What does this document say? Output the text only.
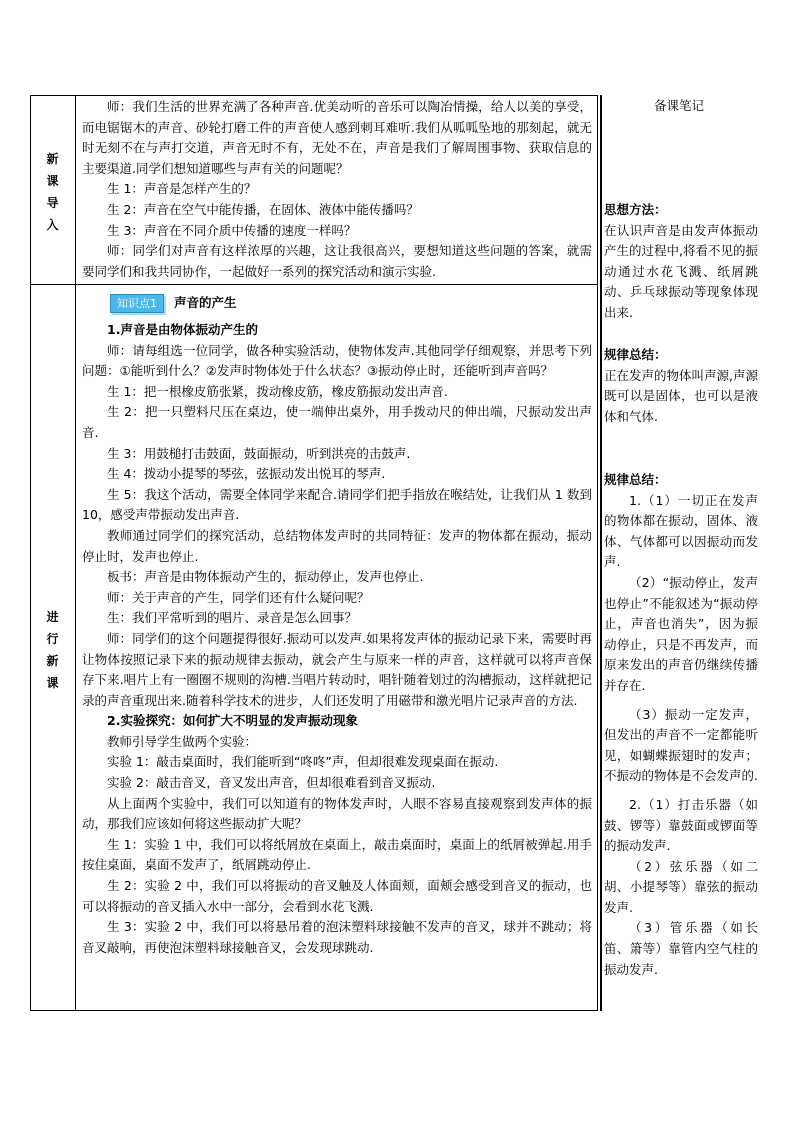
新
课
导
入
进
行
新
课

师：我们生活的世界充满了各种声音.优美动听的音乐可以陶冶情操，给人以美的享受，而电锯锯木的声音、砂轮打磨工件的声音使人感到刺耳难听.我们从呱呱坠地的那刻起，就无时无刻不在与声打交道，声音无时不有，无处不在，声音是我们了解周围事物、获取信息的主要渠道.同学们想知道哪些与声有关的问题呢？

生 1：声音是怎样产生的？

生 2：声音在空气中能传播，在固体、液体中能传播吗？

生 3：声音在不同介质中传播的速度一样吗？

师：同学们对声音有这样浓厚的兴趣，这让我很高兴，要想知道这些问题的答案，就需要同学们和我共同协作，一起做好一系列的探究活动和演示实验.

知识点1	声音的产生

1.声音是由物体振动产生的

师：请每组选一位同学，做各种实验活动，使物体发声.其他同学仔细观察，并思考下列问题：①能听到什么？②发声时物体处于什么状态？③振动停止时，还能听到声音吗？

生 1：把一根橡皮筋张紧，拨动橡皮筋，橡皮筋振动发出声音.

生 2：把一只塑料尺压在桌边，使一端伸出桌外，用手拨动尺的伸出端，尺振动发出声音.

生 3：用鼓槌打击鼓面，鼓面振动，听到洪亮的击鼓声.

生 4：拨动小提琴的琴弦，弦振动发出悦耳的琴声.

生 5：我这个活动，需要全体同学来配合.请同学们把手指放在喉结处，让我们从 1 数到 10，感受声带振动发出声音.

教师通过同学们的探究活动，总结物体发声时的共同特征：发声的物体都在振动，振动停止时，发声也停止.

板书：声音是由物体振动产生的，振动停止，发声也停止.

师：关于声音的产生，同学们还有什么疑问呢？

生：我们平常听到的唱片、录音是怎么回事？

师：同学们的这个问题提得很好.振动可以发声.如果将发声体的振动记录下来，需要时再让物体按照记录下来的振动规律去振动，就会产生与原来一样的声音，这样就可以将声音保存下来.唱片上有一圈圈不规则的沟槽.当唱片转动时，唱针随着划过的沟槽振动，这样就把记录的声音重现出来.随着科学技术的进步，人们还发明了用磁带和激光唱片记录声音的方法.

2.实验探究：如何扩大不明显的发声振动现象

教师引导学生做两个实验：

实验 1：敲击桌面时，我们能听到“咚咚”声，但却很难发现桌面在振动.

实验 2：敲击音叉，音叉发出声音，但却很难看到音叉振动.

从上面两个实验中，我们可以知道有的物体发声时，人眼不容易直接观察到发声体的振动，那我们应该如何将这些振动扩大呢？

生 1：实验 1 中，我们可以将纸屑放在桌面上，敲击桌面时，桌面上的纸屑被弹起.用手按住桌面，桌面不发声了，纸屑跳动停止.

生 2：实验 2 中，我们可以将振动的音叉触及人体面颊，面颊会感受到音叉的振动，也可以将振动的音叉插入水中一部分，会看到水花飞溅.

生 3：实验 2 中，我们可以将悬吊着的泡沫塑料球接触不发声的音叉，球并不跳动；将音叉敲响，再使泡沫塑料球接触音叉，会发现球跳动.

备课笔记

思想方法：

在认识声音是由发声体振动产生的过程中,将看不见的振动通过水花飞溅、纸屑跳动、乒乓球振动等现象体现出来.

规律总结：

正在发声的物体叫声源,声源既可以是固体，也可以是液体和气体.

规律总结：

1.（1）一切正在发声的物体都在振动，固体、液体、气体都可以因振动而发声.

（2）“振动停止，发声也停止”不能叙述为“振动停止，声音也消失”，因为振动停止，只是不再发声，而原来发出的声音仍继续传播并存在.

（3）振动一定发声，但发出的声音不一定都能听见，如蝴蝶振翅时的发声；不振动的物体是不会发声的.

2.（1）打击乐器（如鼓、锣等）靠鼓面或锣面等的振动发声.

（2）弦乐器（如二胡、小提琴等）靠弦的振动发声.

（3）管乐器（如长笛、箫等）靠管内空气柱的振动发声.
